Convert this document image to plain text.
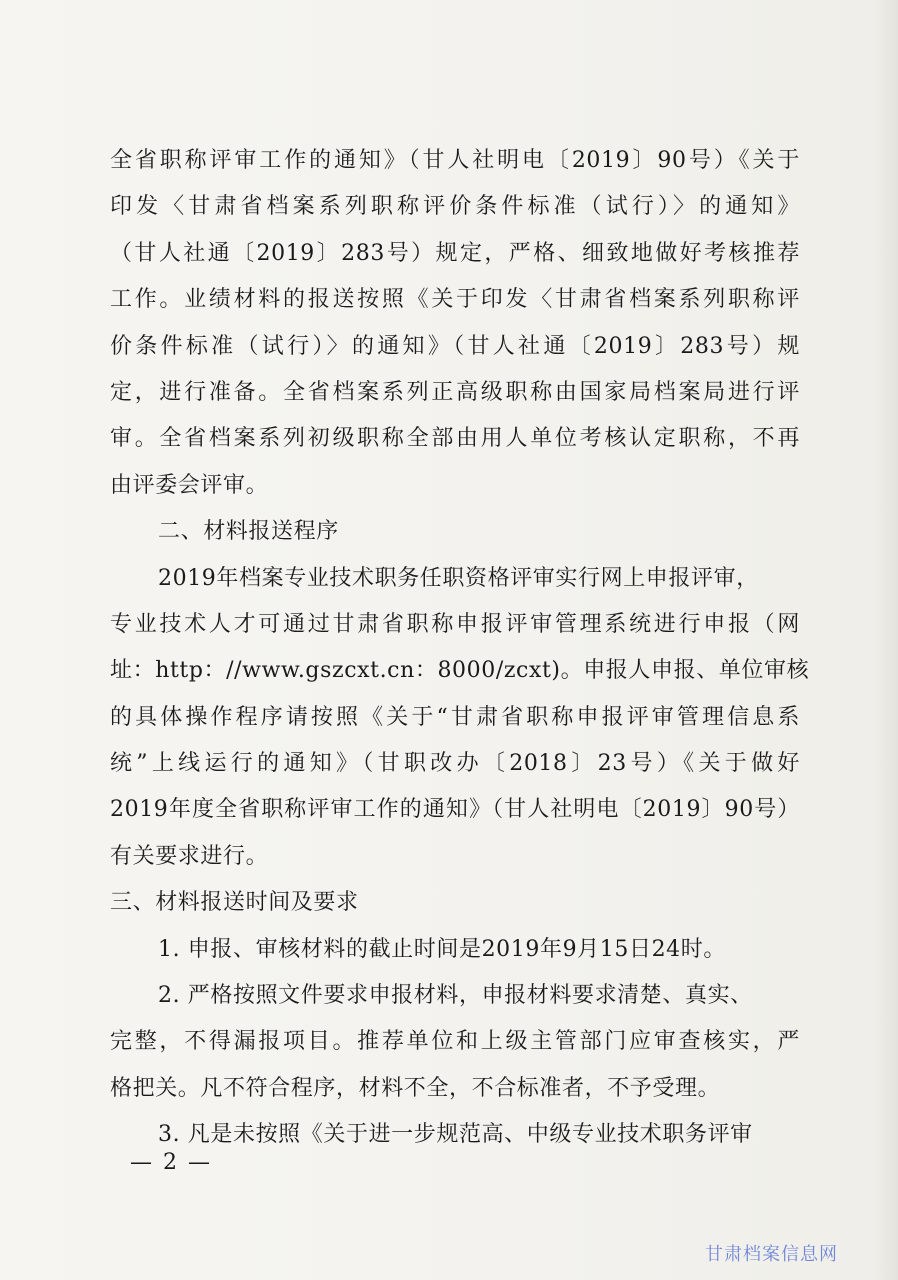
全省职称评审工作的通知》（甘人社明电〔2019〕90号）《关于
印发〈甘肃省档案系列职称评价条件标准（试行）〉的通知》
（甘人社通〔2019〕283号）规定，严格、细致地做好考核推荐
工作。业绩材料的报送按照《关于印发〈甘肃省档案系列职称评
价条件标准（试行）〉的通知》（甘人社通〔2019〕283号）规
定，进行准备。全省档案系列正高级职称由国家局档案局进行评
审。全省档案系列初级职称全部由用人单位考核认定职称，不再
由评委会评审。
二、材料报送程序
2019年档案专业技术职务任职资格评审实行网上申报评审，
专业技术人才可通过甘肃省职称申报评审管理系统进行申报（网
址：http：//www.gszcxt.cn：8000/zcxt)。申报人申报、单位审核
的具体操作程序请按照《关于“甘肃省职称申报评审管理信息系
统”上线运行的通知》（甘职改办〔2018〕23号）《关于做好
2019年度全省职称评审工作的通知》（甘人社明电〔2019〕90号）
有关要求进行。
三、材料报送时间及要求
1. 申报、审核材料的截止时间是2019年9月15日24时。
2. 严格按照文件要求申报材料，申报材料要求清楚、真实、
完整，不得漏报项目。推荐单位和上级主管部门应审查核实，严
格把关。凡不符合程序，材料不全，不合标准者，不予受理。
3. 凡是未按照《关于进一步规范高、中级专业技术职务评审
— 2 —
甘肃档案信息网
